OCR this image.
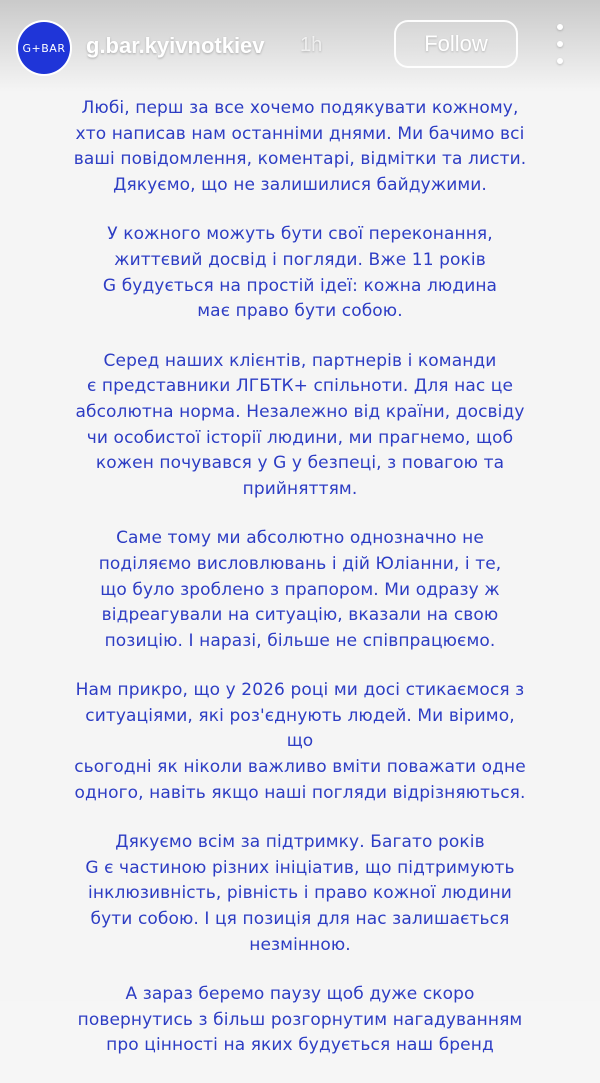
G+BAR g.bar.kyivnotkiev 1h	Follow

Любі, перш за все хочемо подякувати кожному,
хто написав нам останніми днями. Ми бачимо всі
ваші повідомлення, коментарі, відмітки та листи.
Дякуємо, що не залишилися байдужими.

У кожного можуть бути свої переконання,
життєвий досвід і погляди. Вже 11 років
G будується на простій ідеї: кожна людина
має право бути собою.

Серед наших клієнтів, партнерів і команди
є представники ЛГБТК+ спільноти. Для нас це
абсолютна норма. Незалежно від країни, досвіду
чи особистої історії людини, ми прагнемо, щоб
кожен почувався у G у безпеці, з повагою та
прийняттям.

Саме тому ми абсолютно однозначно не
поділяємо висловлювань і дій Юліанни, і те,
що було зроблено з прапором. Ми одразу ж
відреагували на ситуацію, вказали на свою
позицію. І наразі, більше не співпрацюємо.

Нам прикро, що у 2026 році ми досі стикаємося з
ситуаціями, які роз'єднують людей. Ми віримо, що
сьогодні як ніколи важливо вміти поважати одне
одного, навіть якщо наші погляди відрізняються.

Дякуємо всім за підтримку. Багато років
G є частиною різних ініціатив, що підтримують
інклюзивність, рівність і право кожної людини
бути собою. І ця позиція для нас залишається
незмінною.

А зараз беремо паузу щоб дуже скоро
повернутись з більш розгорнутим нагадуванням
про цінності на яких будується наш бренд
